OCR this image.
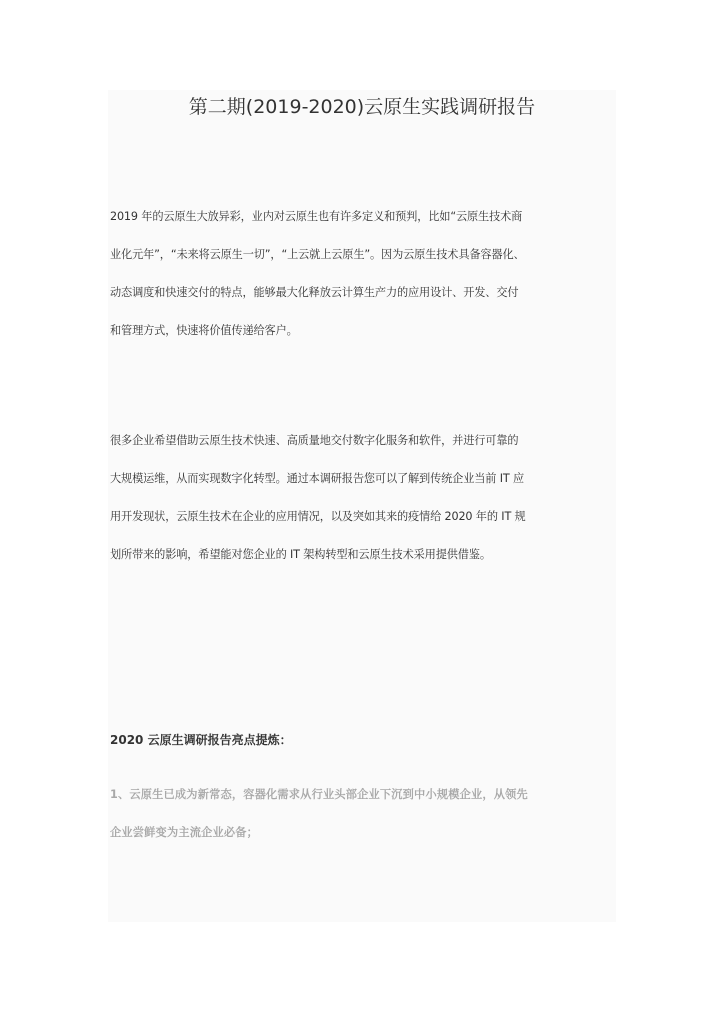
第二期(2019-2020)云原生实践调研报告

2019 年的云原生大放异彩，业内对云原生也有许多定义和预判，比如“云原生技术商
业化元年”，“未来将云原生一切”，“上云就上云原生”。因为云原生技术具备容器化、
动态调度和快速交付的特点，能够最大化释放云计算生产力的应用设计、开发、交付
和管理方式，快速将价值传递给客户。

很多企业希望借助云原生技术快速、高质量地交付数字化服务和软件，并进行可靠的
大规模运维，从而实现数字化转型。通过本调研报告您可以了解到传统企业当前 IT 应
用开发现状，云原生技术在企业的应用情况，以及突如其来的疫情给 2020 年的 IT 规
划所带来的影响，希望能对您企业的 IT 架构转型和云原生技术采用提供借鉴。

2020 云原生调研报告亮点提炼：

1、云原生已成为新常态，容器化需求从行业头部企业下沉到中小规模企业，从领先
企业尝鲜变为主流企业必备；
